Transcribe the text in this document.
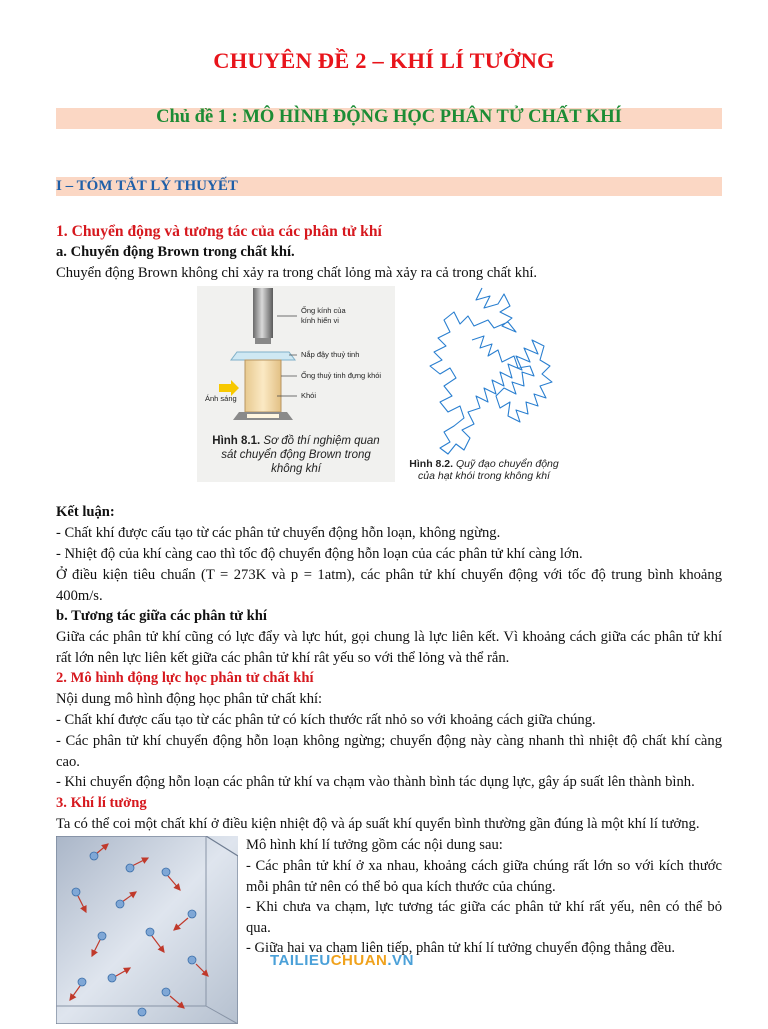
CHUYÊN ĐỀ 2 – KHÍ LÍ TƯỞNG
Chủ đề 1 : MÔ HÌNH ĐỘNG HỌC PHÂN TỬ CHẤT KHÍ
I – TÓM TẮT LÝ THUYẾT
1. Chuyển động và tương tác của các phân tử khí
a. Chuyển động Brown trong chất khí.
Chuyển động Brown không chỉ xảy ra trong chất lỏng mà xảy ra cả trong chất khí.
Ống kính của
kính hiển vi
Nắp đậy thuỷ tinh
Ống thuỷ tinh đựng khói
Ánh sáng	Khói
Hình 8.1. Sơ đồ thí nghiệm quan
sát chuyển động Brown trong
không khí	Hình 8.2. Quỹ đạo chuyển động
của hạt khói trong không khí
Kết luận:
- Chất khí được cấu tạo từ các phân tử chuyển động hỗn loạn, không ngừng.
- Nhiệt độ của khí càng cao thì tốc độ chuyển động hỗn loạn của các phân tử khí càng lớn.
Ở điều kiện tiêu chuẩn (T = 273K và p = 1atm), các phân tử khí chuyển động với tốc độ trung bình khoảng 400m/s.
b. Tương tác giữa các phân tử khí
Giữa các phân tử khí cũng có lực đẩy và lực hút, gọi chung là lực liên kết. Vì khoảng cách giữa các phân tử khí rất lớn nên lực liên kết giữa các phân tử khí rât yếu so với thể lỏng và thể rắn.
2. Mô hình động lực học phân tử chất khí
Nội dung mô hình động học phân tử chất khí:
- Chất khí được cấu tạo từ các phân tử có kích thước rất nhỏ so với khoảng cách giữa chúng.
- Các phân tử khí chuyển động hỗn loạn không ngừng; chuyển động này càng nhanh thì nhiệt độ chất khí càng cao.
- Khi chuyển động hỗn loạn các phân tử khí va chạm vào thành bình tác dụng lực, gây áp suất lên thành bình.
3. Khí lí tưởng
Ta có thể coi một chất khí ở điều kiện nhiệt độ và áp suất khí quyển bình thường gần đúng là một khí lí tưởng.
Mô hình khí lí tưởng gồm các nội dung sau:
- Các phân tử khí ở xa nhau, khoảng cách giữa chúng rất lớn so với kích thước mỗi phân tử nên có thể bỏ qua kích thước của chúng.
- Khi chưa va chạm, lực tương tác giữa các phân tử khí rất yếu, nên có thể bỏ qua.
- Giữa hai va chạm liên tiếp, phân tử khí lí tưởng chuyển động thẳng đều.
TAILIEUCHUAN.VN
